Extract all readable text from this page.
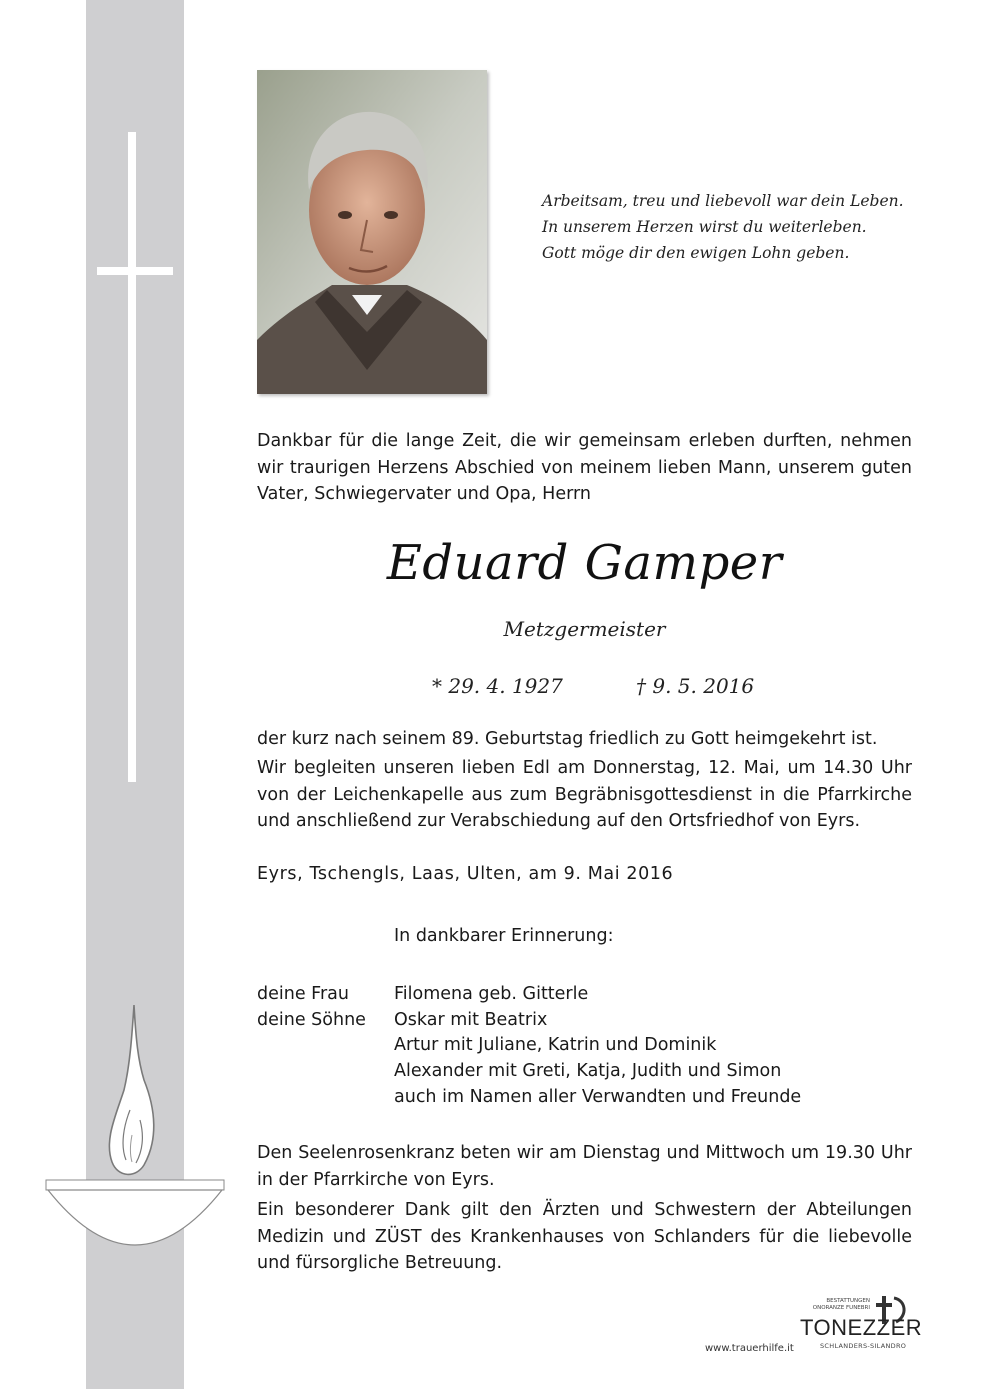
Arbeitsam, treu und liebevoll war dein Leben.
In unserem Herzen wirst du weiterleben.
Gott möge dir den ewigen Lohn geben.
Dankbar für die lange Zeit, die wir gemeinsam erleben durften, nehmen wir traurigen Herzens Abschied von meinem lieben Mann, unserem guten Vater, Schwiegervater und Opa, Herrn
Eduard Gamper
Metzgermeister
* 29. 4. 1927	† 9. 5. 2016
der kurz nach seinem 89. Geburtstag friedlich zu Gott heimgekehrt ist.
Wir begleiten unseren lieben Edl am Donnerstag, 12. Mai, um 14.30 Uhr von der Leichenkapelle aus zum Begräbnisgottesdienst in die Pfarrkirche und anschließend zur Verabschiedung auf den Ortsfriedhof von Eyrs.
Eyrs, Tschengls, Laas, Ulten, am 9. Mai 2016
In dankbarer Erinnerung:
deine Frau	Filomena geb. Gitterle
deine Söhne	Oskar mit Beatrix
Artur mit Juliane, Katrin und Dominik
Alexander mit Greti, Katja, Judith und Simon
auch im Namen aller Verwandten und Freunde
Den Seelenrosenkranz beten wir am Dienstag und Mittwoch um 19.30 Uhr in der Pfarrkirche von Eyrs.
Ein besonderer Dank gilt den Ärzten und Schwestern der Abteilungen Medizin und ZÜST des Krankenhauses von Schlanders für die liebevolle und fürsorgliche Betreuung.
BESTATTUNGEN
ONORANZE FUNEBRI
TONEZZER
SCHLANDERS-SILANDRO
www.trauerhilfe.it
